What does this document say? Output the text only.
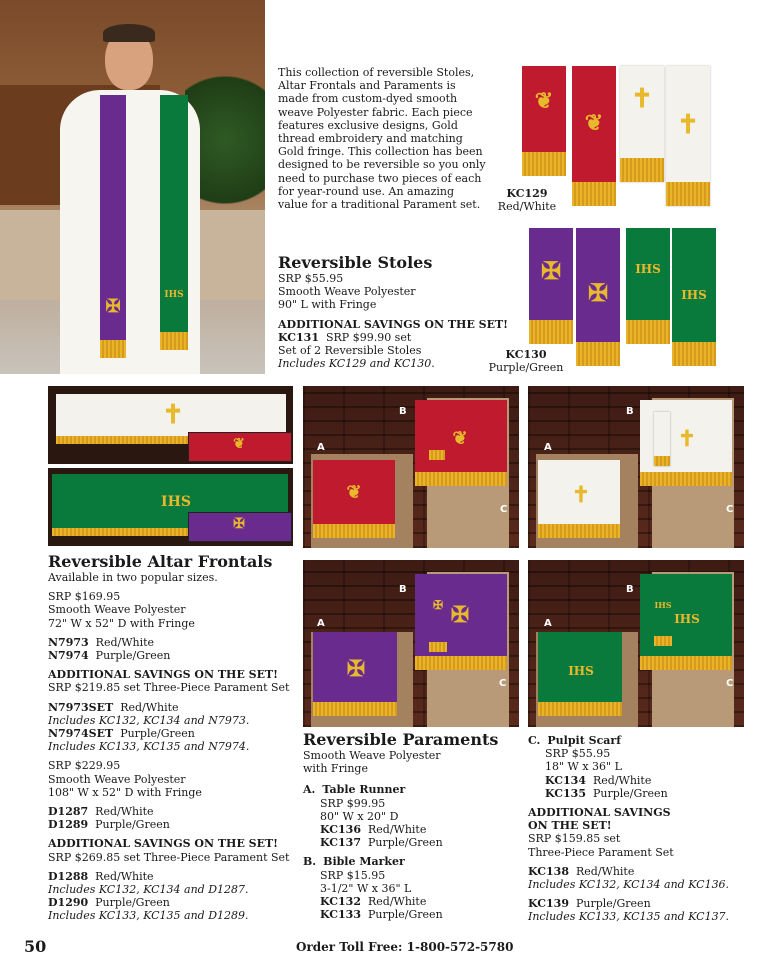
✠
IHS
This collection of reversible Stoles,
Altar Frontals and Paraments is
made from custom-dyed smooth
weave Polyester fabric. Each piece
features exclusive designs, Gold
thread embroidery and matching
Gold fringe. This collection has been
designed to be reversible so you only
need to purchase two pieces of each
for year-round use. An amazing
value for a traditional Parament set.
❦
❦
✝
✝
KC129
Red/White
✠
✠
IHS
IHS
KC130
Purple/Green
Reversible Stoles
SRP $55.95
Smooth Weave Polyester
90" L with Fringe
ADDITIONAL SAVINGS ON THE SET!
KC131 SRP $99.90 set
Set of 2 Reversible Stoles
Includes KC129 and KC130.
✝
❦
IHS
✠
❦
❦
A
B
C
✝
✝
A
B
C
✠
✠
✠
A
B
C
IHS
IHS
IHS
A
B
C
Reversible Altar Frontals
Available in two popular sizes.
SRP $169.95
Smooth Weave Polyester
72" W x 52" D with Fringe
N7973 Red/White
N7974 Purple/Green
ADDITIONAL SAVINGS ON THE SET!
SRP $219.85 set Three-Piece Parament Set
N7973SET Red/White
Includes KC132, KC134 and N7973.
N7974SET Purple/Green
Includes KC133, KC135 and N7974.
SRP $229.95
Smooth Weave Polyester
108" W x 52" D with Fringe
D1287 Red/White
D1289 Purple/Green
ADDITIONAL SAVINGS ON THE SET!
SRP $269.85 set Three-Piece Parament Set
D1288 Red/White
Includes KC132, KC134 and D1287.
D1290 Purple/Green
Includes KC133, KC135 and D1289.
Reversible Paraments
Smooth Weave Polyester
with Fringe
A. Table Runner
SRP $99.95
80" W x 20" D
KC136 Red/White
KC137 Purple/Green
B. Bible Marker
SRP $15.95
3-1/2" W x 36" L
KC132 Red/White
KC133 Purple/Green
C. Pulpit Scarf
SRP $55.95
18" W x 36" L
KC134 Red/White
KC135 Purple/Green
ADDITIONAL SAVINGS
ON THE SET!
SRP $159.85 set
Three-Piece Parament Set
KC138 Red/White
Includes KC132, KC134 and KC136.
KC139 Purple/Green
Includes KC133, KC135 and KC137.
50	Order Toll Free: 1-800-572-5780
